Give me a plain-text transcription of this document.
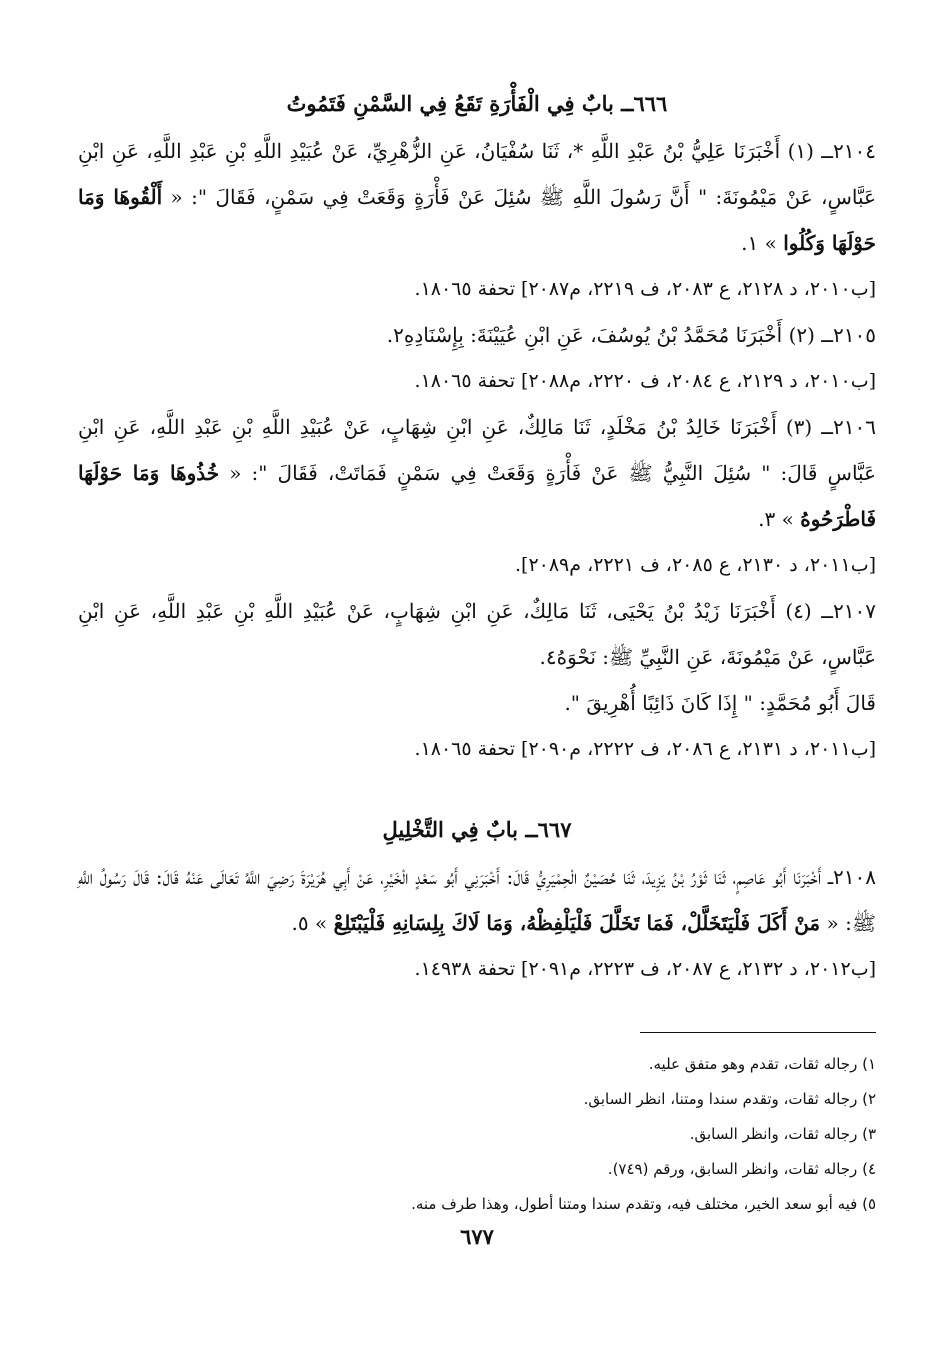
٦٦٦ــ بابٌ فِي الْفَأْرَةِ تَقَعُ فِي السَّمْنِ فَتَمُوتُ

٢١٠٤ــ (١) أَخْبَرَنَا عَلِيُّ بْنُ عَبْدِ اللَّهِ *، ثَنَا سُفْيَانُ، عَنِ الزُّهْرِيِّ، عَنْ عُبَيْدِ اللَّهِ بْنِ عَبْدِ اللَّهِ، عَنِ ابْنِ عَبَّاسٍ، عَنْ مَيْمُونَةَ: " أَنَّ رَسُولَ اللَّهِ ﷺ سُئِلَ عَنْ فَأْرَةٍ وَقَعَتْ فِي سَمْنٍ، فَقَالَ ": « أَلْقُوهَا وَمَا حَوْلَهَا وَكُلُوا » ١.

[ب٢٠١٠، د ٢١٢٨، ع ٢٠٨٣، ف ٢٢١٩، م٢٠٨٧] تحفة ١٨٠٦٥.

٢١٠٥ــ (٢) أَخْبَرَنَا مُحَمَّدُ بْنُ يُوسُفَ، عَنِ ابْنِ عُيَيْنَةَ: بِإِسْنَادِهِ٢.

[ب٢٠١٠، د ٢١٢٩، ع ٢٠٨٤، ف ٢٢٢٠، م٢٠٨٨] تحفة ١٨٠٦٥.

٢١٠٦ــ (٣) أَخْبَرَنَا خَالِدُ بْنُ مَخْلَدٍ، ثَنَا مَالِكٌ، عَنِ ابْنِ شِهَابٍ، عَنْ عُبَيْدِ اللَّهِ بْنِ عَبْدِ اللَّهِ، عَنِ ابْنِ عَبَّاسٍ قَالَ: " سُئِلَ النَّبِيُّ ﷺ عَنْ فَأْرَةٍ وَقَعَتْ فِي سَمْنٍ فَمَاتَتْ، فَقَالَ ": « خُذُوهَا وَمَا حَوْلَهَا فَاطْرَحُوهُ » ٣.

[ب٢٠١١، د ٢١٣٠، ع ٢٠٨٥، ف ٢٢٢١، م٢٠٨٩].

٢١٠٧ــ (٤) أَخْبَرَنَا زَيْدُ بْنُ يَحْيَى، ثَنَا مَالِكٌ، عَنِ ابْنِ شِهَابٍ، عَنْ عُبَيْدِ اللَّهِ بْنِ عَبْدِ اللَّهِ، عَنِ ابْنِ عَبَّاسٍ، عَنْ مَيْمُونَةَ، عَنِ النَّبِيِّ ﷺ: نَحْوَهُ٤.

قَالَ أَبُو مُحَمَّدٍ: " إِذَا كَانَ ذَائِبًا أُهْرِيقَ ".

[ب٢٠١١، د ٢١٣١، ع ٢٠٨٦، ف ٢٢٢٢، م٢٠٩٠] تحفة ١٨٠٦٥.

٦٦٧ــ بابٌ فِي التَّخْلِيلِ

٢١٠٨ــ أَخْبَرَنَا أَبُو عَاصِمٍ، ثَنَا ثَوْرُ بْنُ يَزِيدَ، ثَنَا حُصَيْنٌ الْحِمْيَرِيُّ قَالَ: أَخْبَرَنِي أَبُو سَعْدٍ الْخَيْرِ، عَنْ أَبِي هُرَيْرَةَ رَضِيَ اللَّهُ تَعَالَى عَنْهُ قَالَ: قَالَ رَسُولُ اللَّهِ ﷺ: « مَنْ أَكَلَ فَلْيَتَخَلَّلْ، فَمَا تَخَلَّلَ فَلْيَلْفِظْهُ، وَمَا لَاكَ بِلِسَانِهِ فَلْيَبْتَلِعْ » ٥.

[ب٢٠١٢، د ٢١٣٢، ع ٢٠٨٧، ف ٢٢٢٣، م٢٠٩١] تحفة ١٤٩٣٨.

١) رجاله ثقات، تقدم وهو متفق عليه.

٢) رجاله ثقات، وتقدم سندا ومتنا، انظر السابق.

٣) رجاله ثقات، وانظر السابق.

٤) رجاله ثقات، وانظر السابق، ورقم (٧٤٩).

٥) فيه أبو سعد الخير، مختلف فيه، وتقدم سندا ومتنا أطول، وهذا طرف منه.

٦٧٧
